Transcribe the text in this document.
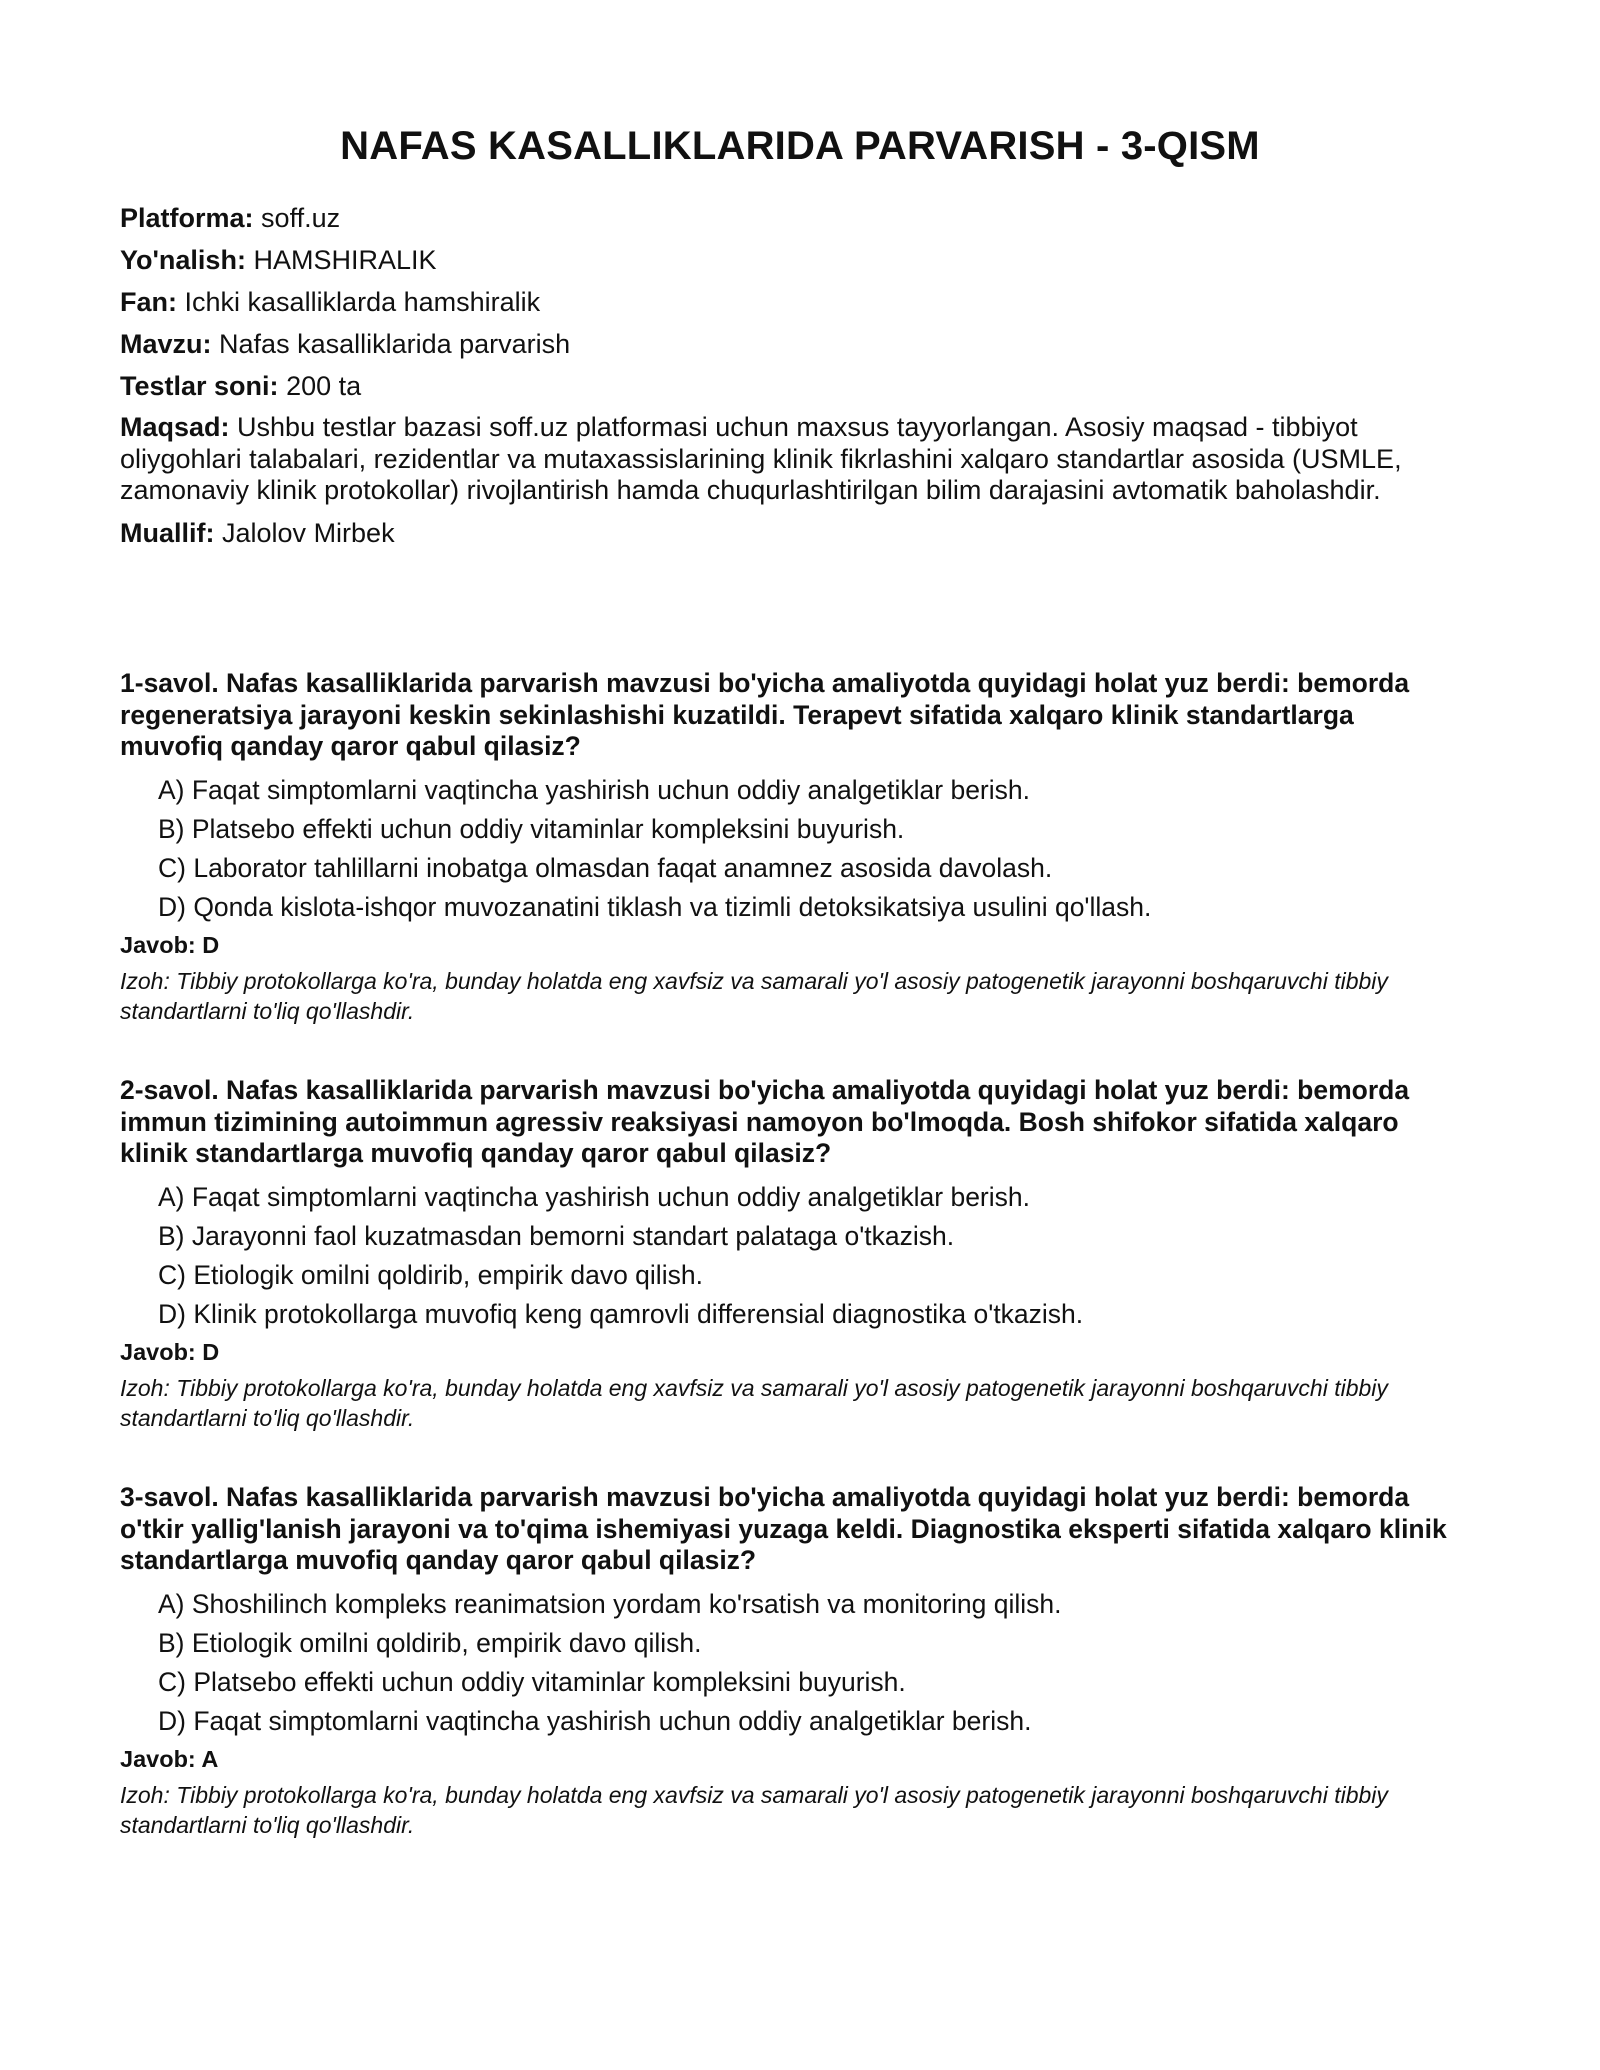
NAFAS KASALLIKLARIDA PARVARISH - 3-QISM
Platforma: soff.uz
Yo'nalish: HAMSHIRALIK
Fan: Ichki kasalliklarda hamshiralik
Mavzu: Nafas kasalliklarida parvarish
Testlar soni: 200 ta
Maqsad: Ushbu testlar bazasi soff.uz platformasi uchun maxsus tayyorlangan. Asosiy maqsad - tibbiyot oliygohlari talabalari, rezidentlar va mutaxassislarining klinik fikrlashini xalqaro standartlar asosida (USMLE, zamonaviy klinik protokollar) rivojlantirish hamda chuqurlashtirilgan bilim darajasini avtomatik baholashdir.
Muallif: Jalolov Mirbek

1-savol. Nafas kasalliklarida parvarish mavzusi bo'yicha amaliyotda quyidagi holat yuz berdi: bemorda regeneratsiya jarayoni keskin sekinlashishi kuzatildi. Terapevt sifatida xalqaro klinik standartlarga muvofiq qanday qaror qabul qilasiz?

A) Faqat simptomlarni vaqtincha yashirish uchun oddiy analgetiklar berish.
B) Platsebo effekti uchun oddiy vitaminlar kompleksini buyurish.
C) Laborator tahlillarni inobatga olmasdan faqat anamnez asosida davolash.
D) Qonda kislota-ishqor muvozanatini tiklash va tizimli detoksikatsiya usulini qo'llash.
Javob: D

Izoh: Tibbiy protokollarga ko'ra, bunday holatda eng xavfsiz va samarali yo'l asosiy patogenetik jarayonni boshqaruvchi tibbiy standartlarni to'liq qo'llashdir.

2-savol. Nafas kasalliklarida parvarish mavzusi bo'yicha amaliyotda quyidagi holat yuz berdi: bemorda immun tizimining autoimmun agressiv reaksiyasi namoyon bo'lmoqda. Bosh shifokor sifatida xalqaro klinik standartlarga muvofiq qanday qaror qabul qilasiz?

A) Faqat simptomlarni vaqtincha yashirish uchun oddiy analgetiklar berish.
B) Jarayonni faol kuzatmasdan bemorni standart palataga o'tkazish.
C) Etiologik omilni qoldirib, empirik davo qilish.
D) Klinik protokollarga muvofiq keng qamrovli differensial diagnostika o'tkazish.
Javob: D

Izoh: Tibbiy protokollarga ko'ra, bunday holatda eng xavfsiz va samarali yo'l asosiy patogenetik jarayonni boshqaruvchi tibbiy standartlarni to'liq qo'llashdir.

3-savol. Nafas kasalliklarida parvarish mavzusi bo'yicha amaliyotda quyidagi holat yuz berdi: bemorda o'tkir yallig'lanish jarayoni va to'qima ishemiyasi yuzaga keldi. Diagnostika eksperti sifatida xalqaro klinik standartlarga muvofiq qanday qaror qabul qilasiz?

A) Shoshilinch kompleks reanimatsion yordam ko'rsatish va monitoring qilish.
B) Etiologik omilni qoldirib, empirik davo qilish.
C) Platsebo effekti uchun oddiy vitaminlar kompleksini buyurish.
D) Faqat simptomlarni vaqtincha yashirish uchun oddiy analgetiklar berish.
Javob: A

Izoh: Tibbiy protokollarga ko'ra, bunday holatda eng xavfsiz va samarali yo'l asosiy patogenetik jarayonni boshqaruvchi tibbiy standartlarni to'liq qo'llashdir.
